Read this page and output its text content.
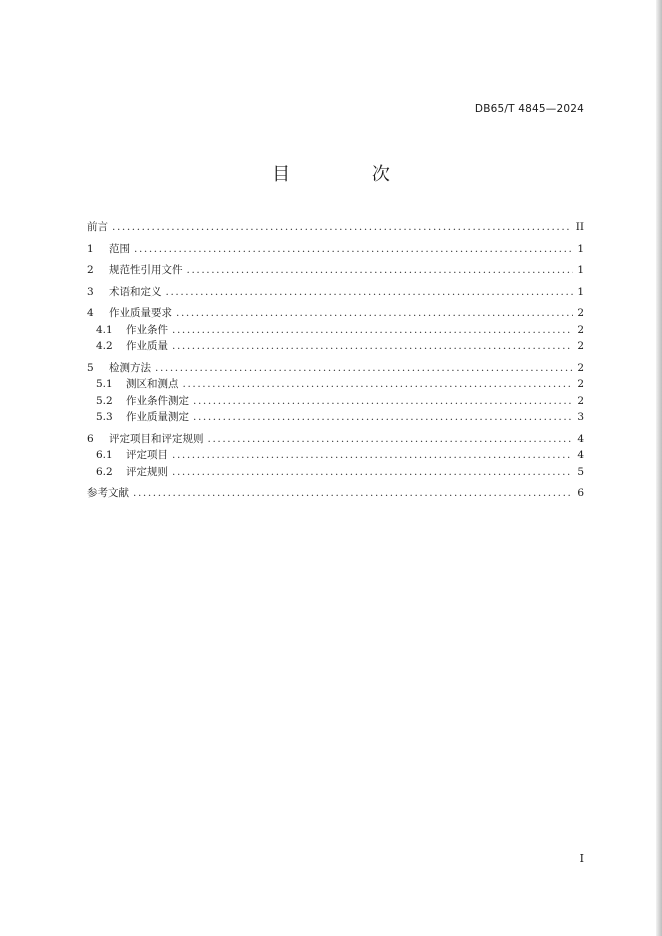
DB65/T 4845—2024
目 次
前言 .....	II
1	范围 .....	1
2	规范性引用文件 .....	1
3	术语和定义 .....	1
4	作业质量要求 .....	2
4.1	作业条件 .....	2
4.2	作业质量 .....	2
5	检测方法 .....	2
5.1	测区和测点 .....	2
5.2	作业条件测定 .....	2
5.3	作业质量测定 .....	3
6	评定项目和评定规则 .....	4
6.1	评定项目 .....	4
6.2	评定规则 .....	5
参考文献 .....	6
I
